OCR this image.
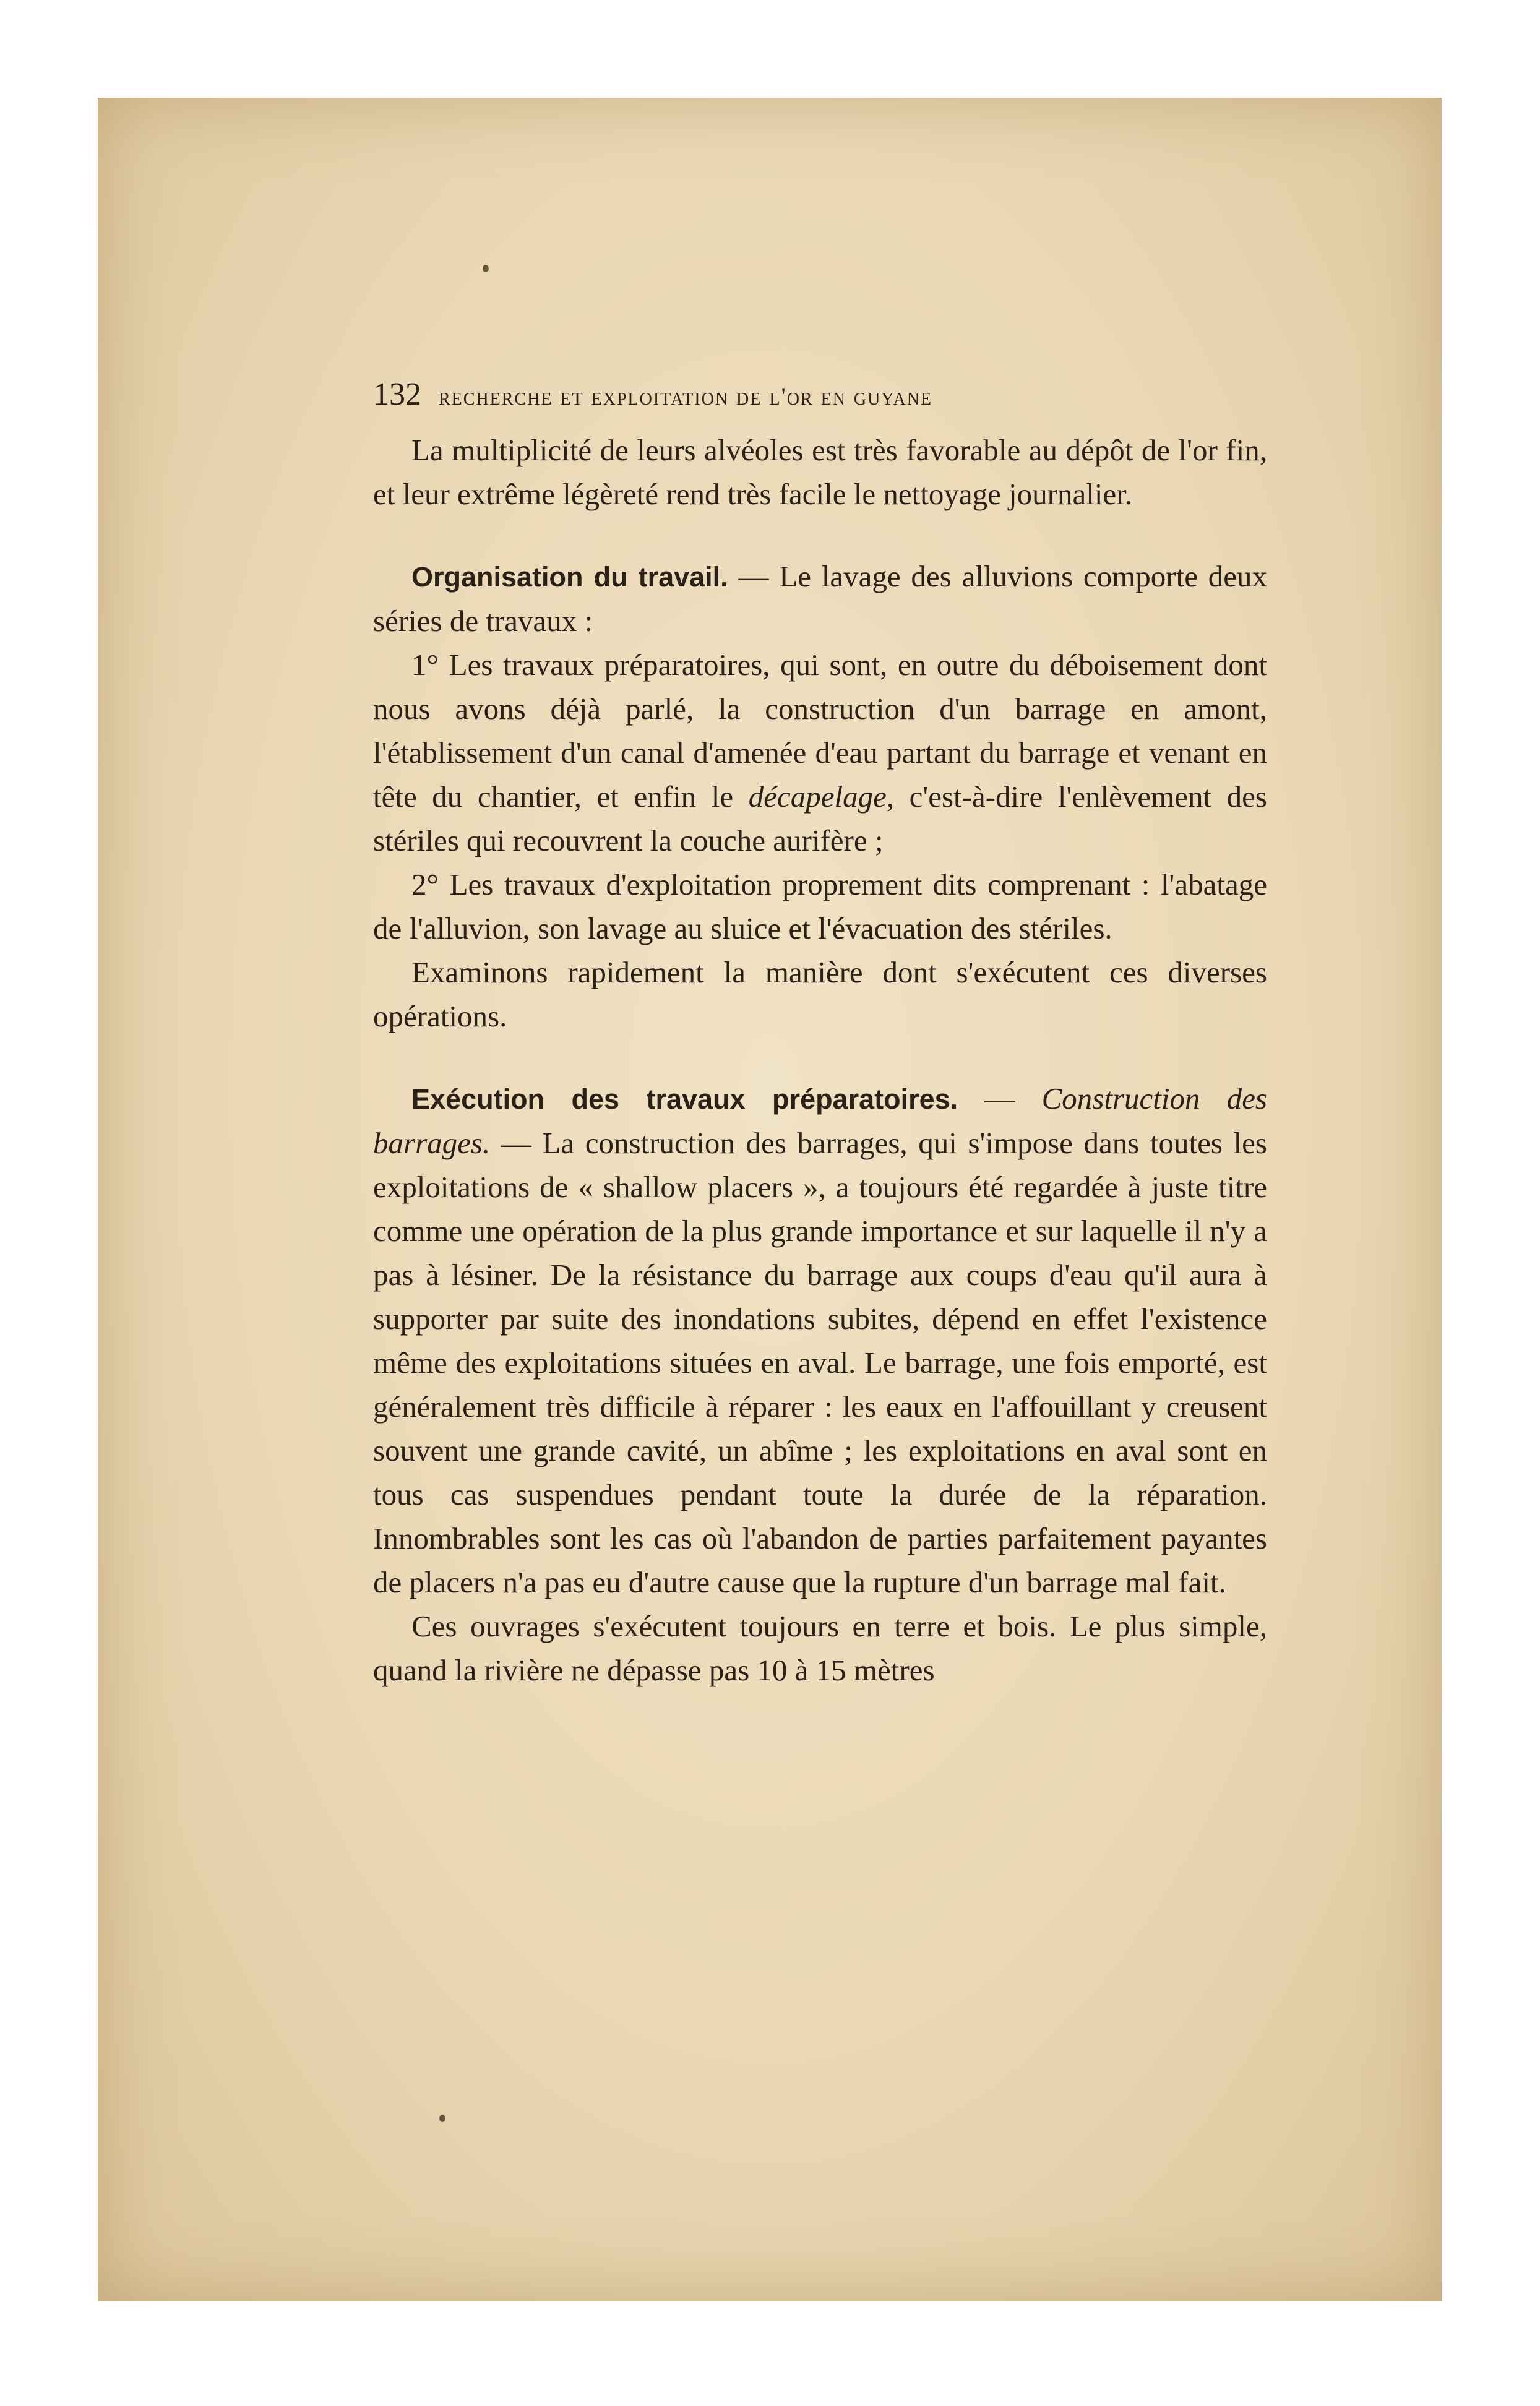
132 recherche et exploitation de l'or en guyane

La multiplicité de leurs alvéoles est très favorable au dépôt de l'or fin, et leur extrême légèreté rend très facile le nettoyage journalier.

Organisation du travail. — Le lavage des alluvions comporte deux séries de travaux :

1° Les travaux préparatoires, qui sont, en outre du déboisement dont nous avons déjà parlé, la construction d'un barrage en amont, l'établissement d'un canal d'amenée d'eau partant du barrage et venant en tête du chantier, et enfin le décapelage, c'est-à-dire l'enlèvement des stériles qui recouvrent la couche aurifère ;

2° Les travaux d'exploitation proprement dits comprenant : l'abatage de l'alluvion, son lavage au sluice et l'évacuation des stériles.

Examinons rapidement la manière dont s'exécutent ces diverses opérations.

Exécution des travaux préparatoires. — Construction des barrages. — La construction des barrages, qui s'impose dans toutes les exploitations de « shallow placers », a toujours été regardée à juste titre comme une opération de la plus grande importance et sur laquelle il n'y a pas à lésiner. De la résistance du barrage aux coups d'eau qu'il aura à supporter par suite des inondations subites, dépend en effet l'existence même des exploitations situées en aval. Le barrage, une fois emporté, est généralement très difficile à réparer : les eaux en l'affouillant y creusent souvent une grande cavité, un abîme ; les exploitations en aval sont en tous cas suspendues pendant toute la durée de la réparation. Innombrables sont les cas où l'abandon de parties parfaitement payantes de placers n'a pas eu d'autre cause que la rupture d'un barrage mal fait.

Ces ouvrages s'exécutent toujours en terre et bois. Le plus simple, quand la rivière ne dépasse pas 10 à 15 mètres
